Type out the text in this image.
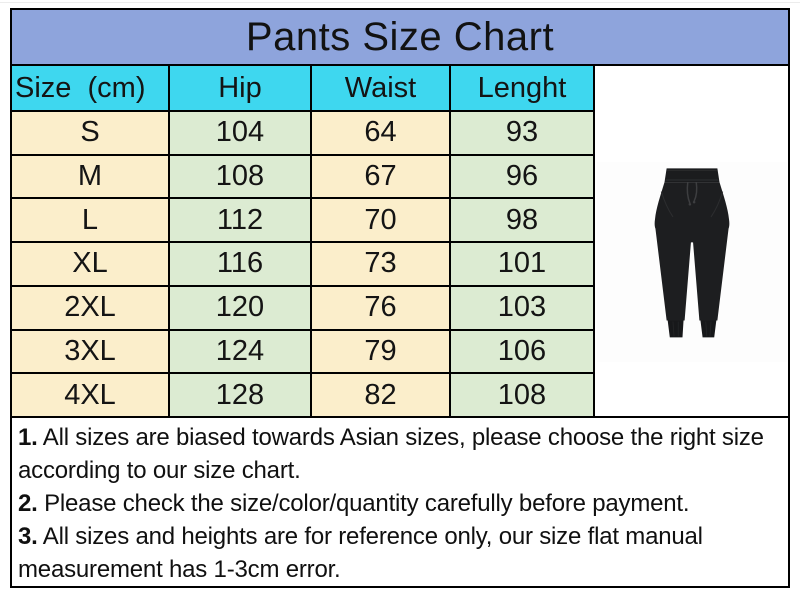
Pants Size Chart
Size  (cm)	Hip	Waist	Lenght
S	104	64	93
M	108	67	96
L	112	70	98
XL	116	73	101
2XL	120	76	103
3XL	124	79	106
4XL	128	82	108

1. All sizes are biased towards Asian sizes, please choose the right size according to our size chart.

2. Please check the size/color/quantity carefully before payment.

3. All sizes and heights are for reference only, our size flat manual measurement has 1-3cm error.
